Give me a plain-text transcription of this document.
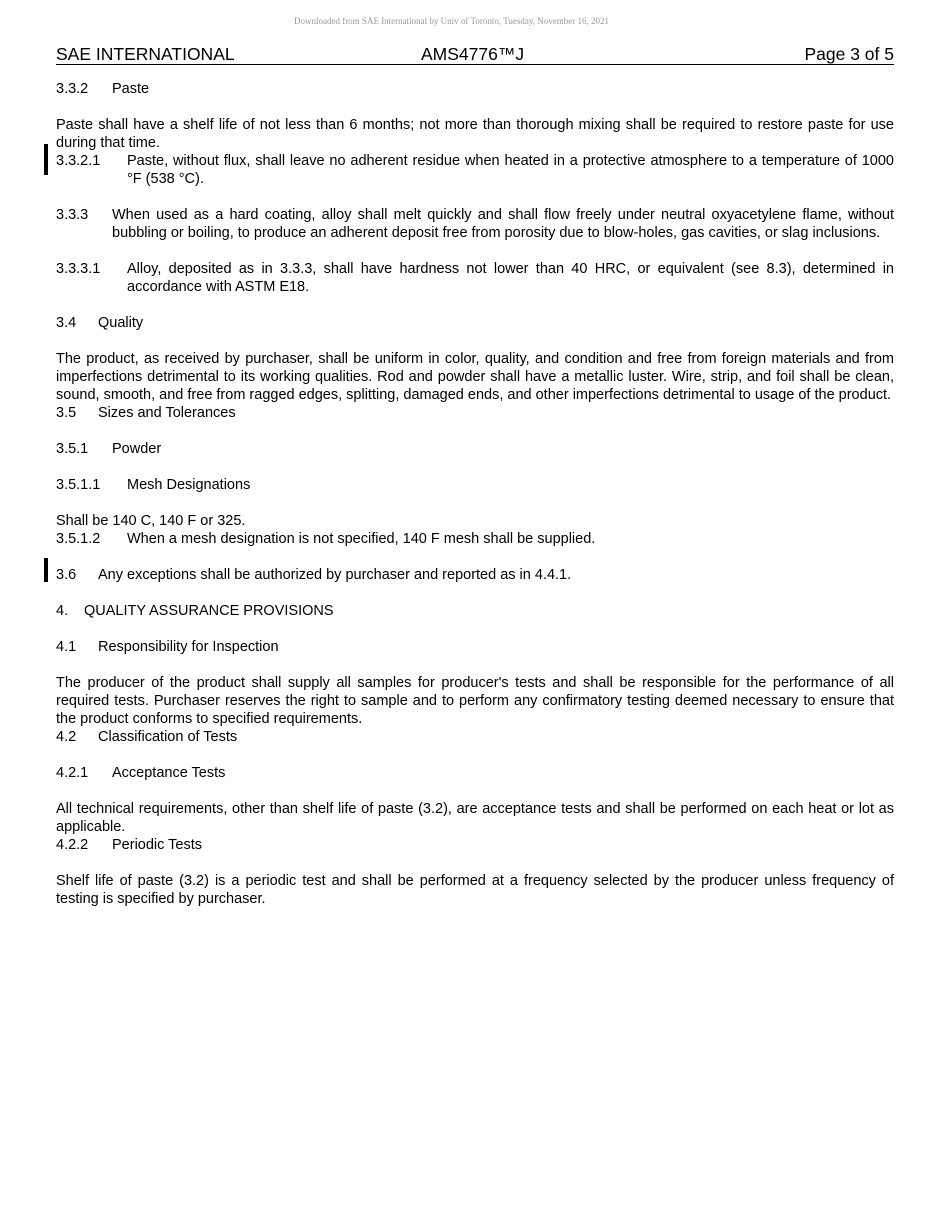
Downloaded from SAE International by Univ of Toronto, Tuesday, November 16, 2021
SAE INTERNATIONAL	AMS4776™J	Page 3 of 5
3.3.2 Paste
Paste shall have a shelf life of not less than 6 months; not more than thorough mixing shall be required to restore paste for use during that time.
3.3.2.1 Paste, without flux, shall leave no adherent residue when heated in a protective atmosphere to a temperature of 1000 °F (538 °C).
3.3.3 When used as a hard coating, alloy shall melt quickly and shall flow freely under neutral oxyacetylene flame, without bubbling or boiling, to produce an adherent deposit free from porosity due to blow-holes, gas cavities, or slag inclusions.
3.3.3.1 Alloy, deposited as in 3.3.3, shall have hardness not lower than 40 HRC, or equivalent (see 8.3), determined in accordance with ASTM E18.
3.4 Quality
The product, as received by purchaser, shall be uniform in color, quality, and condition and free from foreign materials and from imperfections detrimental to its working qualities. Rod and powder shall have a metallic luster. Wire, strip, and foil shall be clean, sound, smooth, and free from ragged edges, splitting, damaged ends, and other imperfections detrimental to usage of the product.
3.5 Sizes and Tolerances
3.5.1 Powder
3.5.1.1 Mesh Designations
Shall be 140 C, 140 F or 325.
3.5.1.2 When a mesh designation is not specified, 140 F mesh shall be supplied.
3.6 Any exceptions shall be authorized by purchaser and reported as in 4.4.1.
4. QUALITY ASSURANCE PROVISIONS
4.1 Responsibility for Inspection
The producer of the product shall supply all samples for producer's tests and shall be responsible for the performance of all required tests. Purchaser reserves the right to sample and to perform any confirmatory testing deemed necessary to ensure that the product conforms to specified requirements.
4.2 Classification of Tests
4.2.1 Acceptance Tests
All technical requirements, other than shelf life of paste (3.2), are acceptance tests and shall be performed on each heat or lot as applicable.
4.2.2 Periodic Tests
Shelf life of paste (3.2) is a periodic test and shall be performed at a frequency selected by the producer unless frequency of testing is specified by purchaser.
